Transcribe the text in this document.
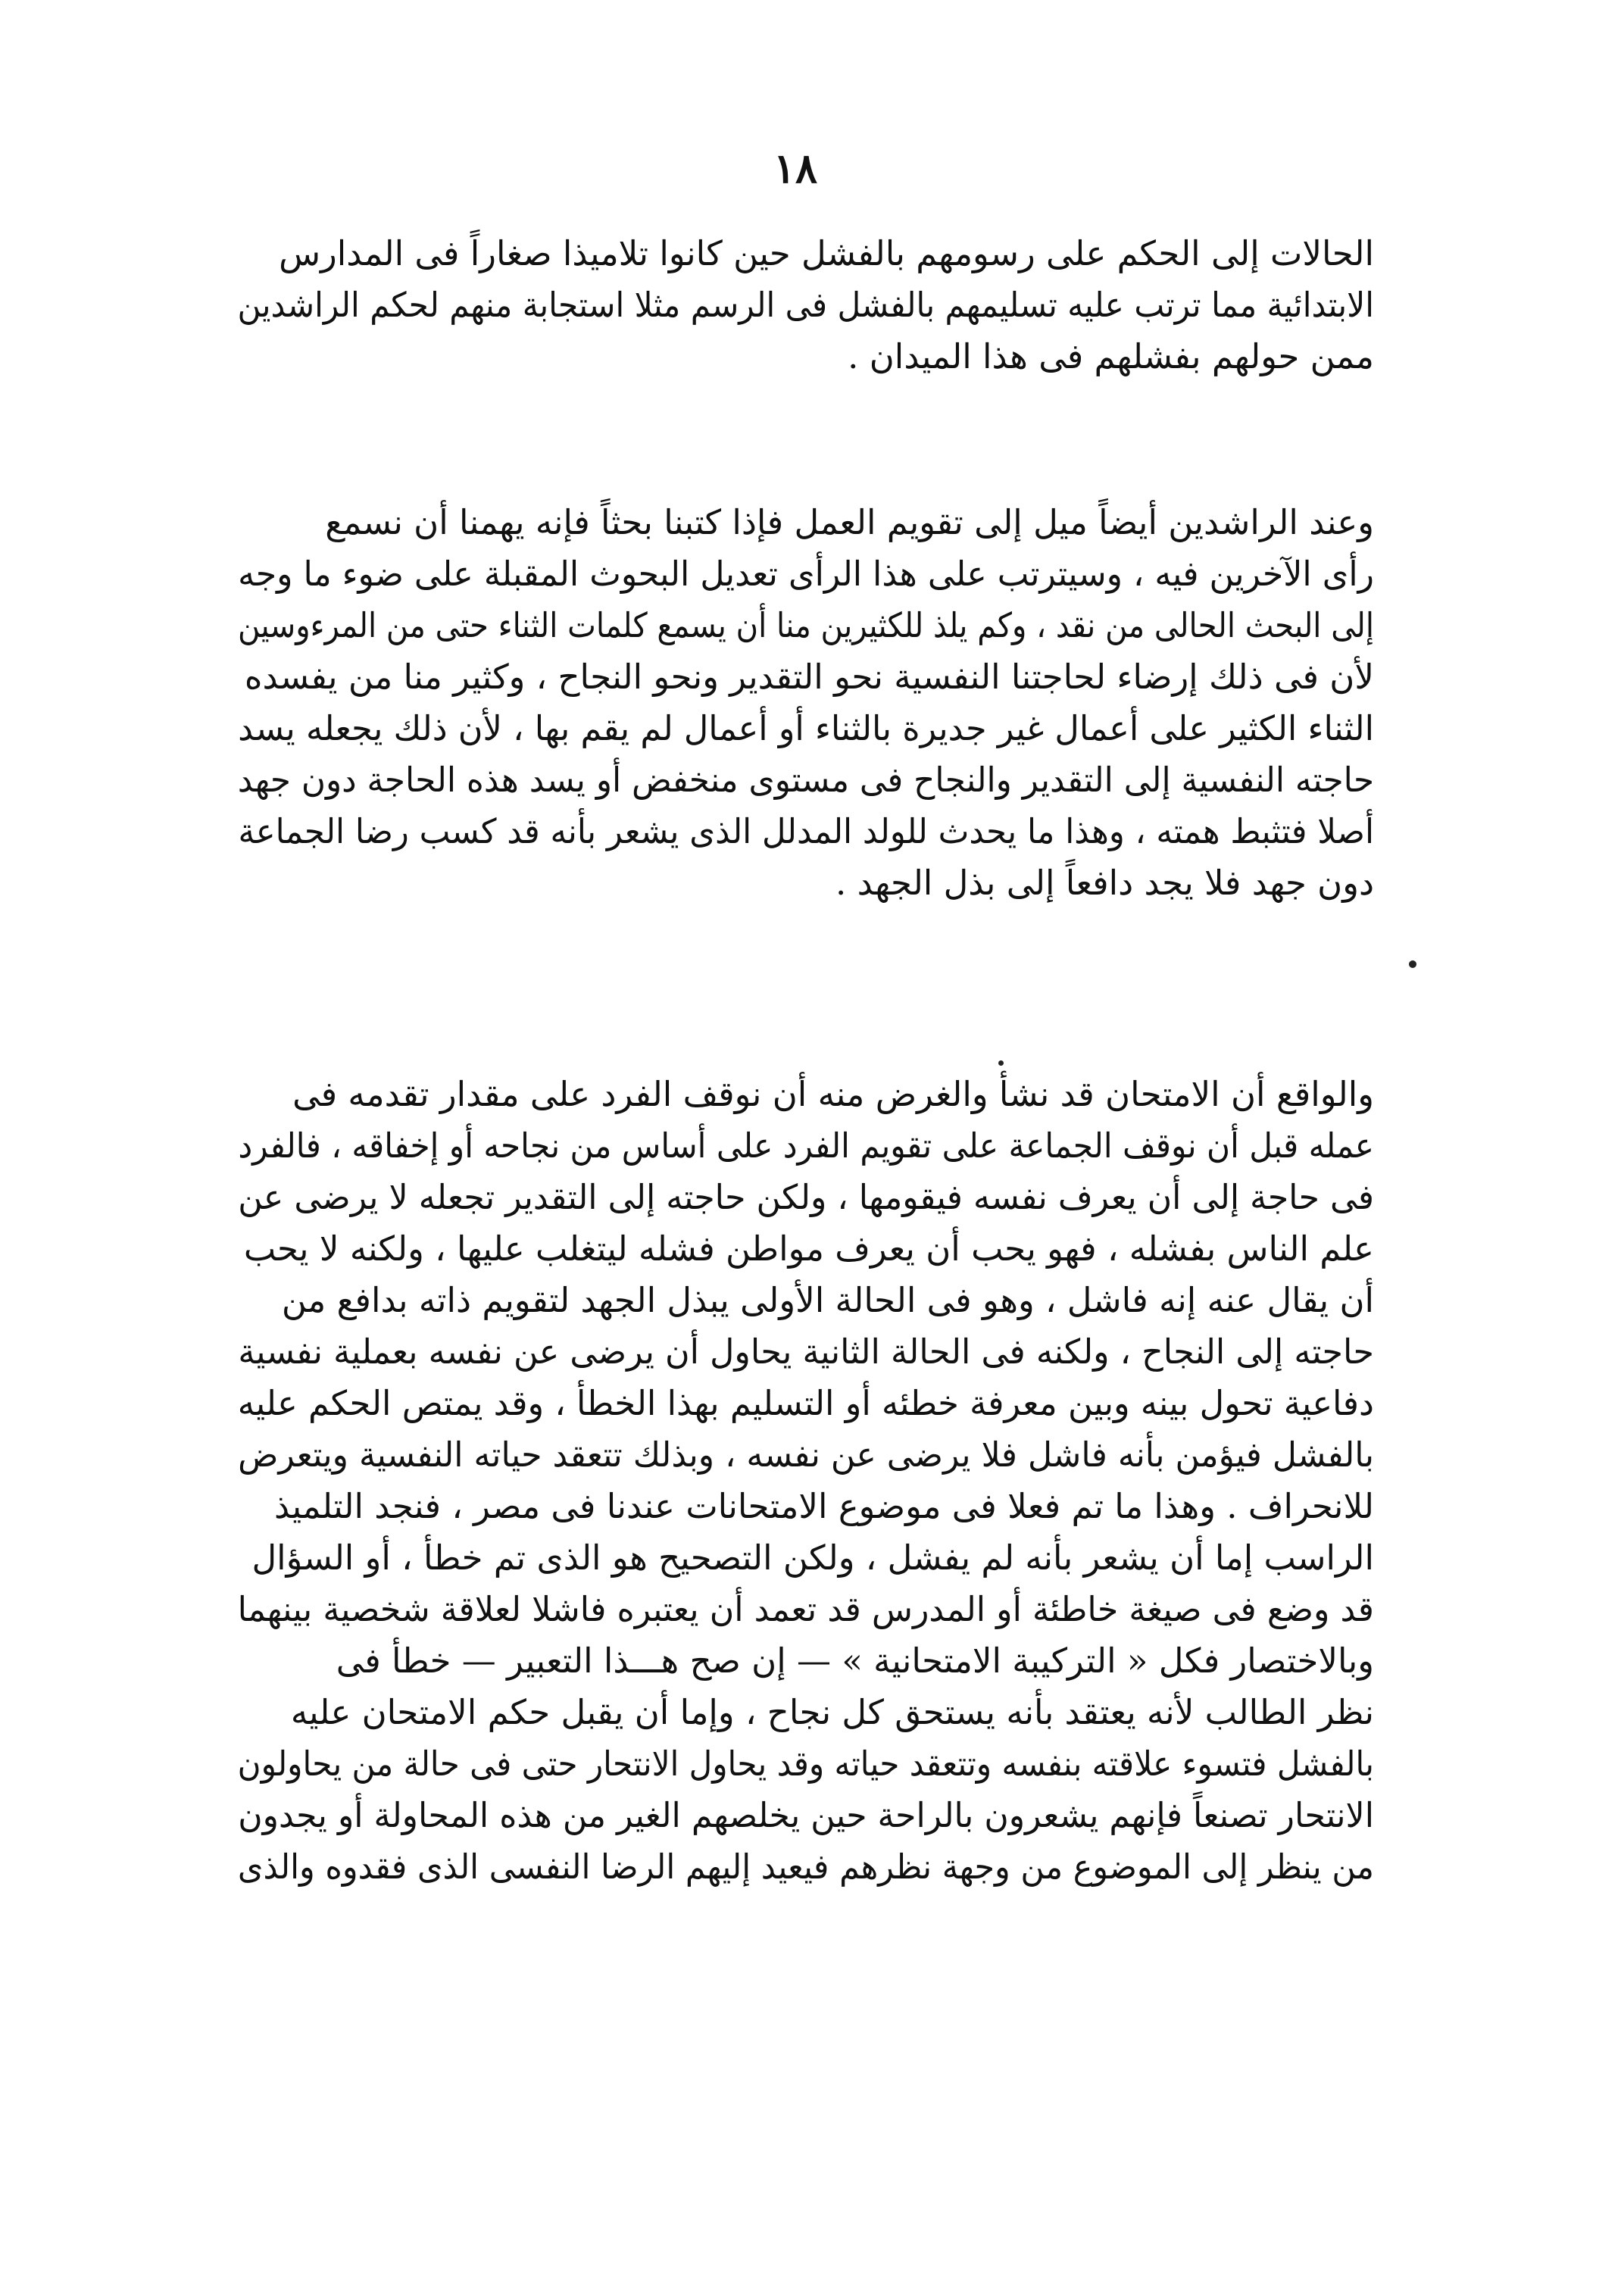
١٨
الحالات إلى الحكم على رسومهم بالفشل حين كانوا تلاميذا صغاراً فى المدارس
الابتدائية مما ترتب عليه تسليمهم بالفشل فى الرسم مثلا استجابة منهم لحكم الراشدين
ممن حولهم بفشلهم فى هذا الميدان .
وعند الراشدين أيضاً ميل إلى تقويم العمل فإذا كتبنا بحثاً فإنه يهمنا أن نسمع
رأى الآخرين فيه ، وسيترتب على هذا الرأى تعديل البحوث المقبلة على ضوء ما وجه
إلى البحث الحالى من نقد ، وكم يلذ للكثيرين منا أن يسمع كلمات الثناء حتى من المرءوسين
لأن فى ذلك إرضاء لحاجتنا النفسية نحو التقدير ونحو النجاح ، وكثير منا من يفسده
الثناء الكثير على أعمال غير جديرة بالثناء أو أعمال لم يقم بها ، لأن ذلك يجعله يسد
حاجته النفسية إلى التقدير والنجاح فى مستوى منخفض أو يسد هذه الحاجة دون جهد
أصلا فتثبط همته ، وهذا ما يحدث للولد المدلل الذى يشعر بأنه قد كسب رضا الجماعة
دون جهد فلا يجد دافعاً إلى بذل الجهد .
والواقع أن الامتحان قد نشأ والغرض منه أن نوقف الفرد على مقدار تقدمه فى
عمله قبل أن نوقف الجماعة على تقويم الفرد على أساس من نجاحه أو إخفاقه ، فالفرد
فى حاجة إلى أن يعرف نفسه فيقومها ، ولكن حاجته إلى التقدير تجعله لا يرضى عن
علم الناس بفشله ، فهو يحب أن يعرف مواطن فشله ليتغلب عليها ، ولكنه لا يحب
أن يقال عنه إنه فاشل ، وهو فى الحالة الأولى يبذل الجهد لتقويم ذاته بدافع من
حاجته إلى النجاح ، ولكنه فى الحالة الثانية يحاول أن يرضى عن نفسه بعملية نفسية
دفاعية تحول بينه وبين معرفة خطئه أو التسليم بهذا الخطأ ، وقد يمتص الحكم عليه
بالفشل فيؤمن بأنه فاشل فلا يرضى عن نفسه ، وبذلك تتعقد حياته النفسية ويتعرض
للانحراف . وهذا ما تم فعلا فى موضوع الامتحانات عندنا فى مصر ، فنجد التلميذ
الراسب إما أن يشعر بأنه لم يفشل ، ولكن التصحيح هو الذى تم خطأ ، أو السؤال
قد وضع فى صيغة خاطئة أو المدرس قد تعمد أن يعتبره فاشلا لعلاقة شخصية بينهما
وبالاختصار فكل « التركيبة الامتحانية » — إن صح هـــذا التعبير — خطأ فى
نظر الطالب لأنه يعتقد بأنه يستحق كل نجاح ، وإما أن يقبل حكم الامتحان عليه
بالفشل فتسوء علاقته بنفسه وتتعقد حياته وقد يحاول الانتحار حتى فى حالة من يحاولون
الانتحار تصنعاً فإنهم يشعرون بالراحة حين يخلصهم الغير من هذه المحاولة أو يجدون
من ينظر إلى الموضوع من وجهة نظرهم فيعيد إليهم الرضا النفسى الذى فقدوه والذى
